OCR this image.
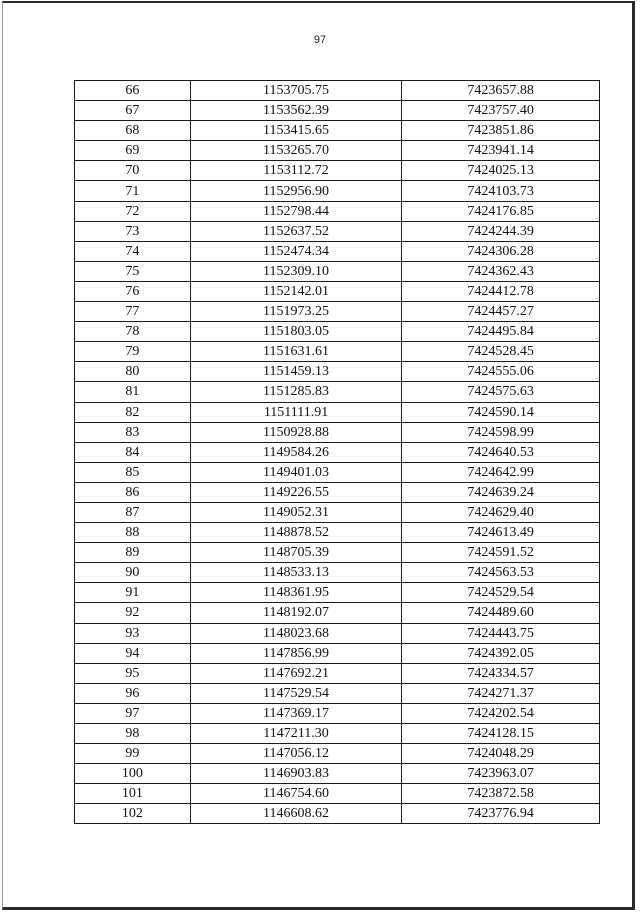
97
66	1153705.75	7423657.88
67	1153562.39	7423757.40
68	1153415.65	7423851.86
69	1153265.70	7423941.14
70	1153112.72	7424025.13
71	1152956.90	7424103.73
72	1152798.44	7424176.85
73	1152637.52	7424244.39
74	1152474.34	7424306.28
75	1152309.10	7424362.43
76	1152142.01	7424412.78
77	1151973.25	7424457.27
78	1151803.05	7424495.84
79	1151631.61	7424528.45
80	1151459.13	7424555.06
81	1151285.83	7424575.63
82	1151111.91	7424590.14
83	1150928.88	7424598.99
84	1149584.26	7424640.53
85	1149401.03	7424642.99
86	1149226.55	7424639.24
87	1149052.31	7424629.40
88	1148878.52	7424613.49
89	1148705.39	7424591.52
90	1148533.13	7424563.53
91	1148361.95	7424529.54
92	1148192.07	7424489.60
93	1148023.68	7424443.75
94	1147856.99	7424392.05
95	1147692.21	7424334.57
96	1147529.54	7424271.37
97	1147369.17	7424202.54
98	1147211.30	7424128.15
99	1147056.12	7424048.29
100	1146903.83	7423963.07
101	1146754.60	7423872.58
102	1146608.62	7423776.94
